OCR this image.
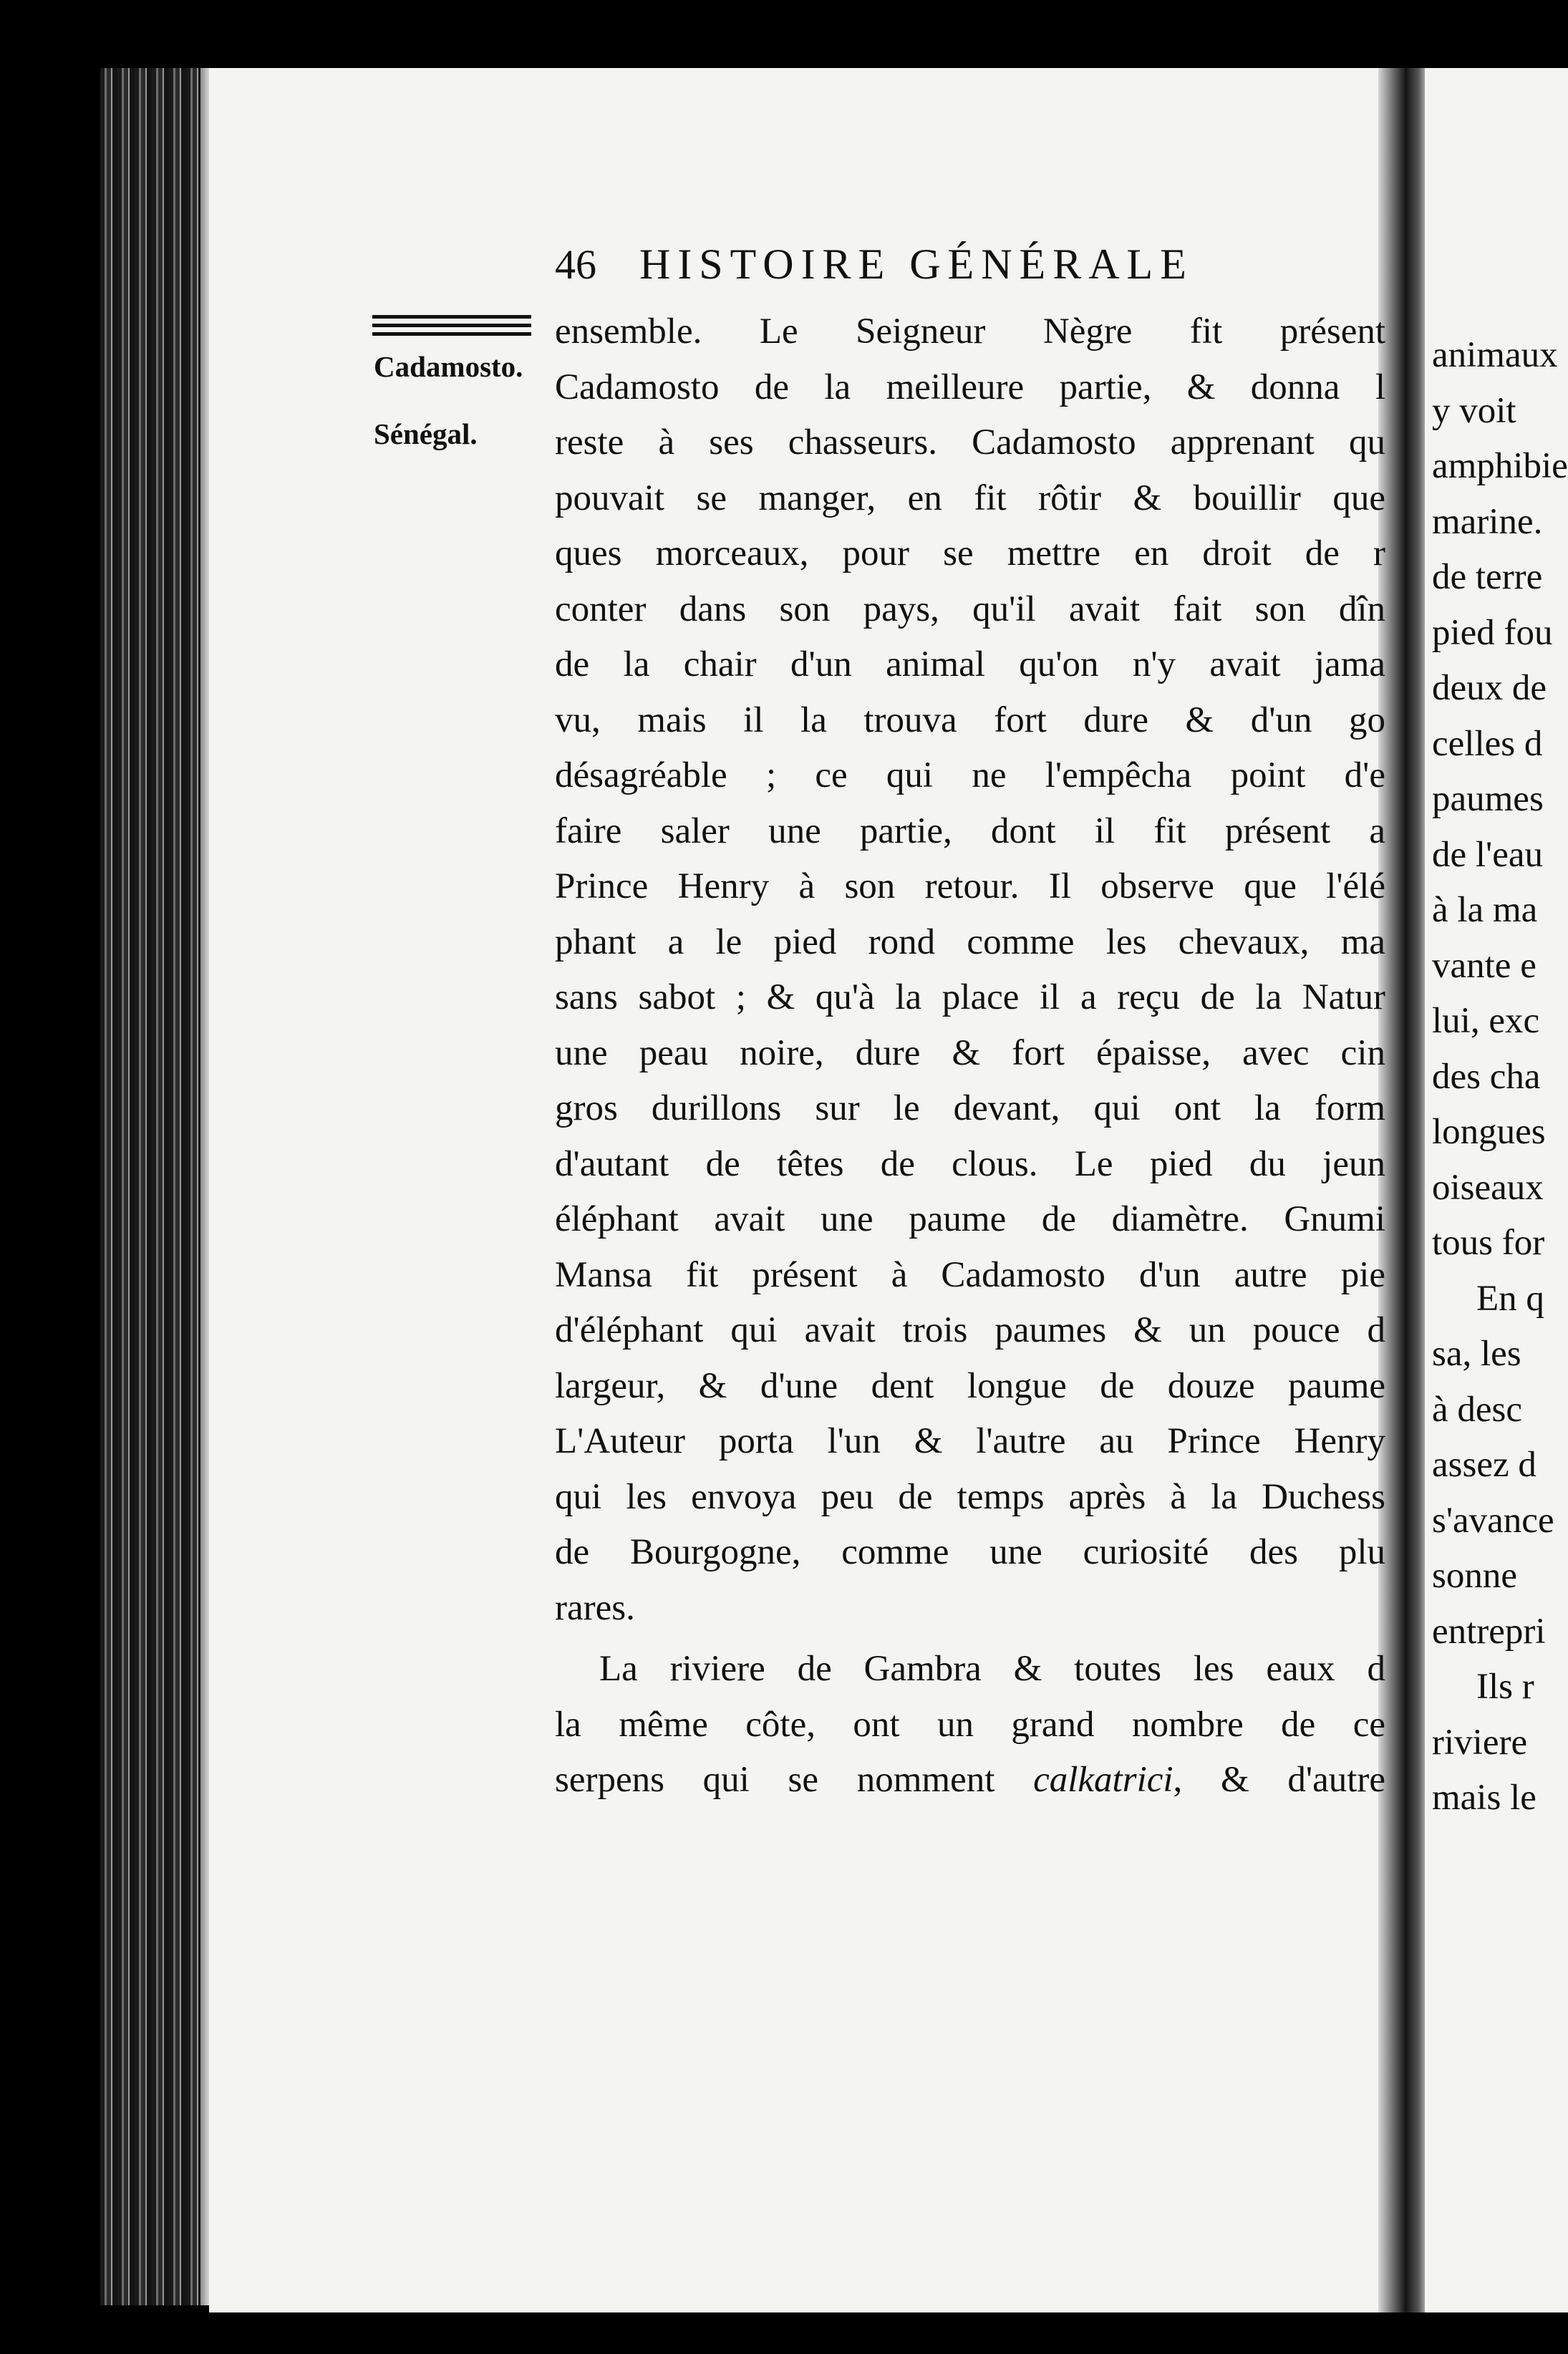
46 HISTOIRE GÉNÉRALE
Cadamosto.
Sénégal.
ensemble. Le Seigneur Nègre fit présent
Cadamosto de la meilleure partie, & donna l
reste à ses chasseurs. Cadamosto apprenant qu
pouvait se manger, en fit rôtir & bouillir que
ques morceaux, pour se mettre en droit de r
conter dans son pays, qu'il avait fait son dîn
de la chair d'un animal qu'on n'y avait jama
vu, mais il la trouva fort dure & d'un go
désagréable ; ce qui ne l'empêcha point d'e
faire saler une partie, dont il fit présent a
Prince Henry à son retour. Il observe que l'élé
phant a le pied rond comme les chevaux, ma
sans sabot ; & qu'à la place il a reçu de la Natur
une peau noire, dure & fort épaisse, avec cin
gros durillons sur le devant, qui ont la form
d'autant de têtes de clous. Le pied du jeun
éléphant avait une paume de diamètre. Gnumi
Mansa fit présent à Cadamosto d'un autre pie
d'éléphant qui avait trois paumes & un pouce d
largeur, & d'une dent longue de douze paume
L'Auteur porta l'un & l'autre au Prince Henry
qui les envoya peu de temps après à la Duchess
de Bourgogne, comme une curiosité des plu
rares.
La riviere de Gambra & toutes les eaux d
la même côte, ont un grand nombre de ce
serpens qui se nomment calkatrici, & d'autre
animaux
y voit
amphibie
marine.
de terre
pied fou
deux de
celles d
paumes
de l'eau
à la ma
vante e
lui, exc
des cha
longues
oiseaux
tous for
En q
sa, les
à desc
assez d
s'avance
sonne
entrepri
Ils r
riviere
mais le
